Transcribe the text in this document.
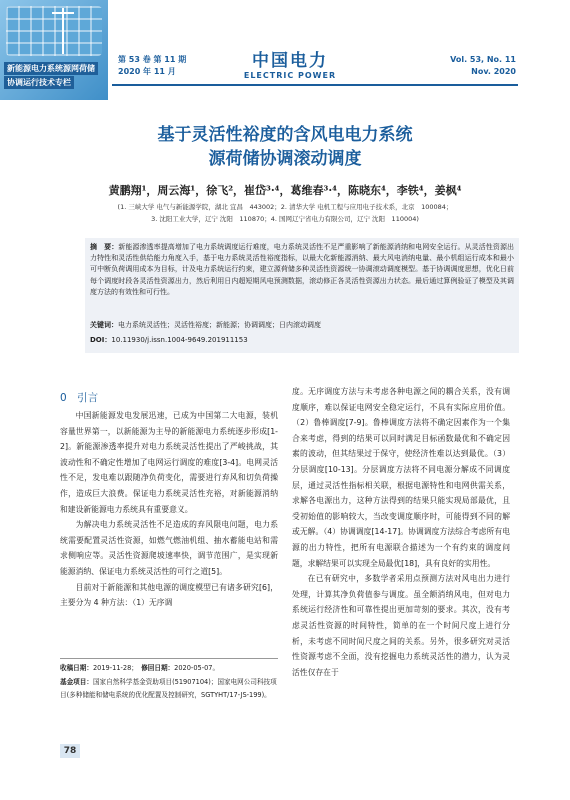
新能源电力系统源网荷储
协调运行技术专栏
第 53 卷 第 11 期
2020 年 11 月
中国电力
ELECTRIC POWER
Vol. 53, No. 11
Nov. 2020
基于灵活性裕度的含风电电力系统
源荷储协调滚动调度
黄鹏翔¹，周云海¹，徐飞²，崔岱³·⁴，葛维春³·⁴，陈晓东⁴，李铁⁴，姜枫⁴
(1. 三峡大学 电气与新能源学院，湖北 宜昌　443002；2. 清华大学 电机工程与应用电子技术系，北京　100084；
3. 沈阳工业大学，辽宁 沈阳　110870；4. 国网辽宁省电力有限公司，辽宁 沈阳　110004)
摘　要：新能源渗透率提高增加了电力系统调度运行难度，电力系统灵活性不足严重影响了新能源消纳和电网安全运行。从灵活性资源出力特性和灵活性供给能力角度入手，基于电力系统灵活性裕度指标，以最大化新能源消纳、最大风电消纳电量、最小机组运行成本和最小可中断负荷调用成本为目标，计及电力系统运行约束，建立源荷储多种灵活性资源统一协调滚动调度模型。基于协调调度思想，优化日前每个调度时段各灵活性资源出力，然后利用日内超短期风电预测数据，滚动修正各灵活性资源出力状态。最后通过算例验证了模型及其调度方法的有效性和可行性。
关键词：电力系统灵活性；灵活性裕度；新能源；协调调度；日内滚动调度
DOI：10.11930/j.issn.1004-9649.201911153
0　引言

中国新能源发电发展迅速，已成为中国第二大电源，装机容量世界第一，以新能源为主导的新能源电力系统逐步形成[1-2]。新能源渗透率提升对电力系统灵活性提出了严峻挑战，其波动性和不确定性增加了电网运行调度的难度[3-4]。电网灵活性不足，发电难以跟随净负荷变化，需要进行弃风和切负荷操作，造成巨大浪费。保证电力系统灵活性充裕，对新能源消纳和建设新能源电力系统具有重要意义。

为解决电力系统灵活性不足造成的弃风限电问题，电力系统需要配置灵活性资源，如燃气燃油机组、抽水蓄能电站和需求侧响应等。灵活性资源爬坡速率快，调节范围广，是实现新能源消纳、保证电力系统灵活性的可行之道[5]。

目前对于新能源和其他电源的调度模型已有诸多研究[6]，主要分为 4 种方法：（1）无序调

收稿日期：2019-11-28；　 修回日期：2020-05-07。
基金项目：国家自然科学基金资助项目(51907104)；国家电网公司科技项目(多种储能和储电系统的优化配置及控制研究，SGTYHT/17-JS-199)。

度。无序调度方法与未考虑各种电源之间的耦合关系，没有调度顺序，难以保证电网安全稳定运行，不具有实际应用价值。（2）鲁棒调度[7-9]。鲁棒调度方法将不确定因素作为一个集合来考虑，得到的结果可以同时满足目标函数最优和不确定因素的波动，但其结果过于保守，使经济性难以达到最优。（3）分层调度[10-13]。分层调度方法将不同电源分解成不同调度层，通过灵活性指标相关联，根据电源特性和电网供需关系，求解各电源出力，这种方法得到的结果只能实现局部最优，且受初始值的影响较大，当改变调度顺序时，可能得到不同的解或无解。（4）协调调度[14-17]。协调调度方法综合考虑所有电源的出力特性，把所有电源联合描述为一个有约束的调度问题，求解结果可以实现全局最优[18]，具有良好的实用性。

在已有研究中，多数学者采用点预测方法对风电出力进行处理，计算其净负荷值参与调度。虽全额消纳风电，但对电力系统运行经济性和可靠性提出更加苛刻的要求。其次，没有考虑灵活性资源的时间特性，简单的在一个时间尺度上进行分析，未考虑不同时间尺度之间的关系。另外，很多研究对灵活性资源考虑不全面，没有挖掘电力系统灵活性的潜力，认为灵活性仅存在于

78
